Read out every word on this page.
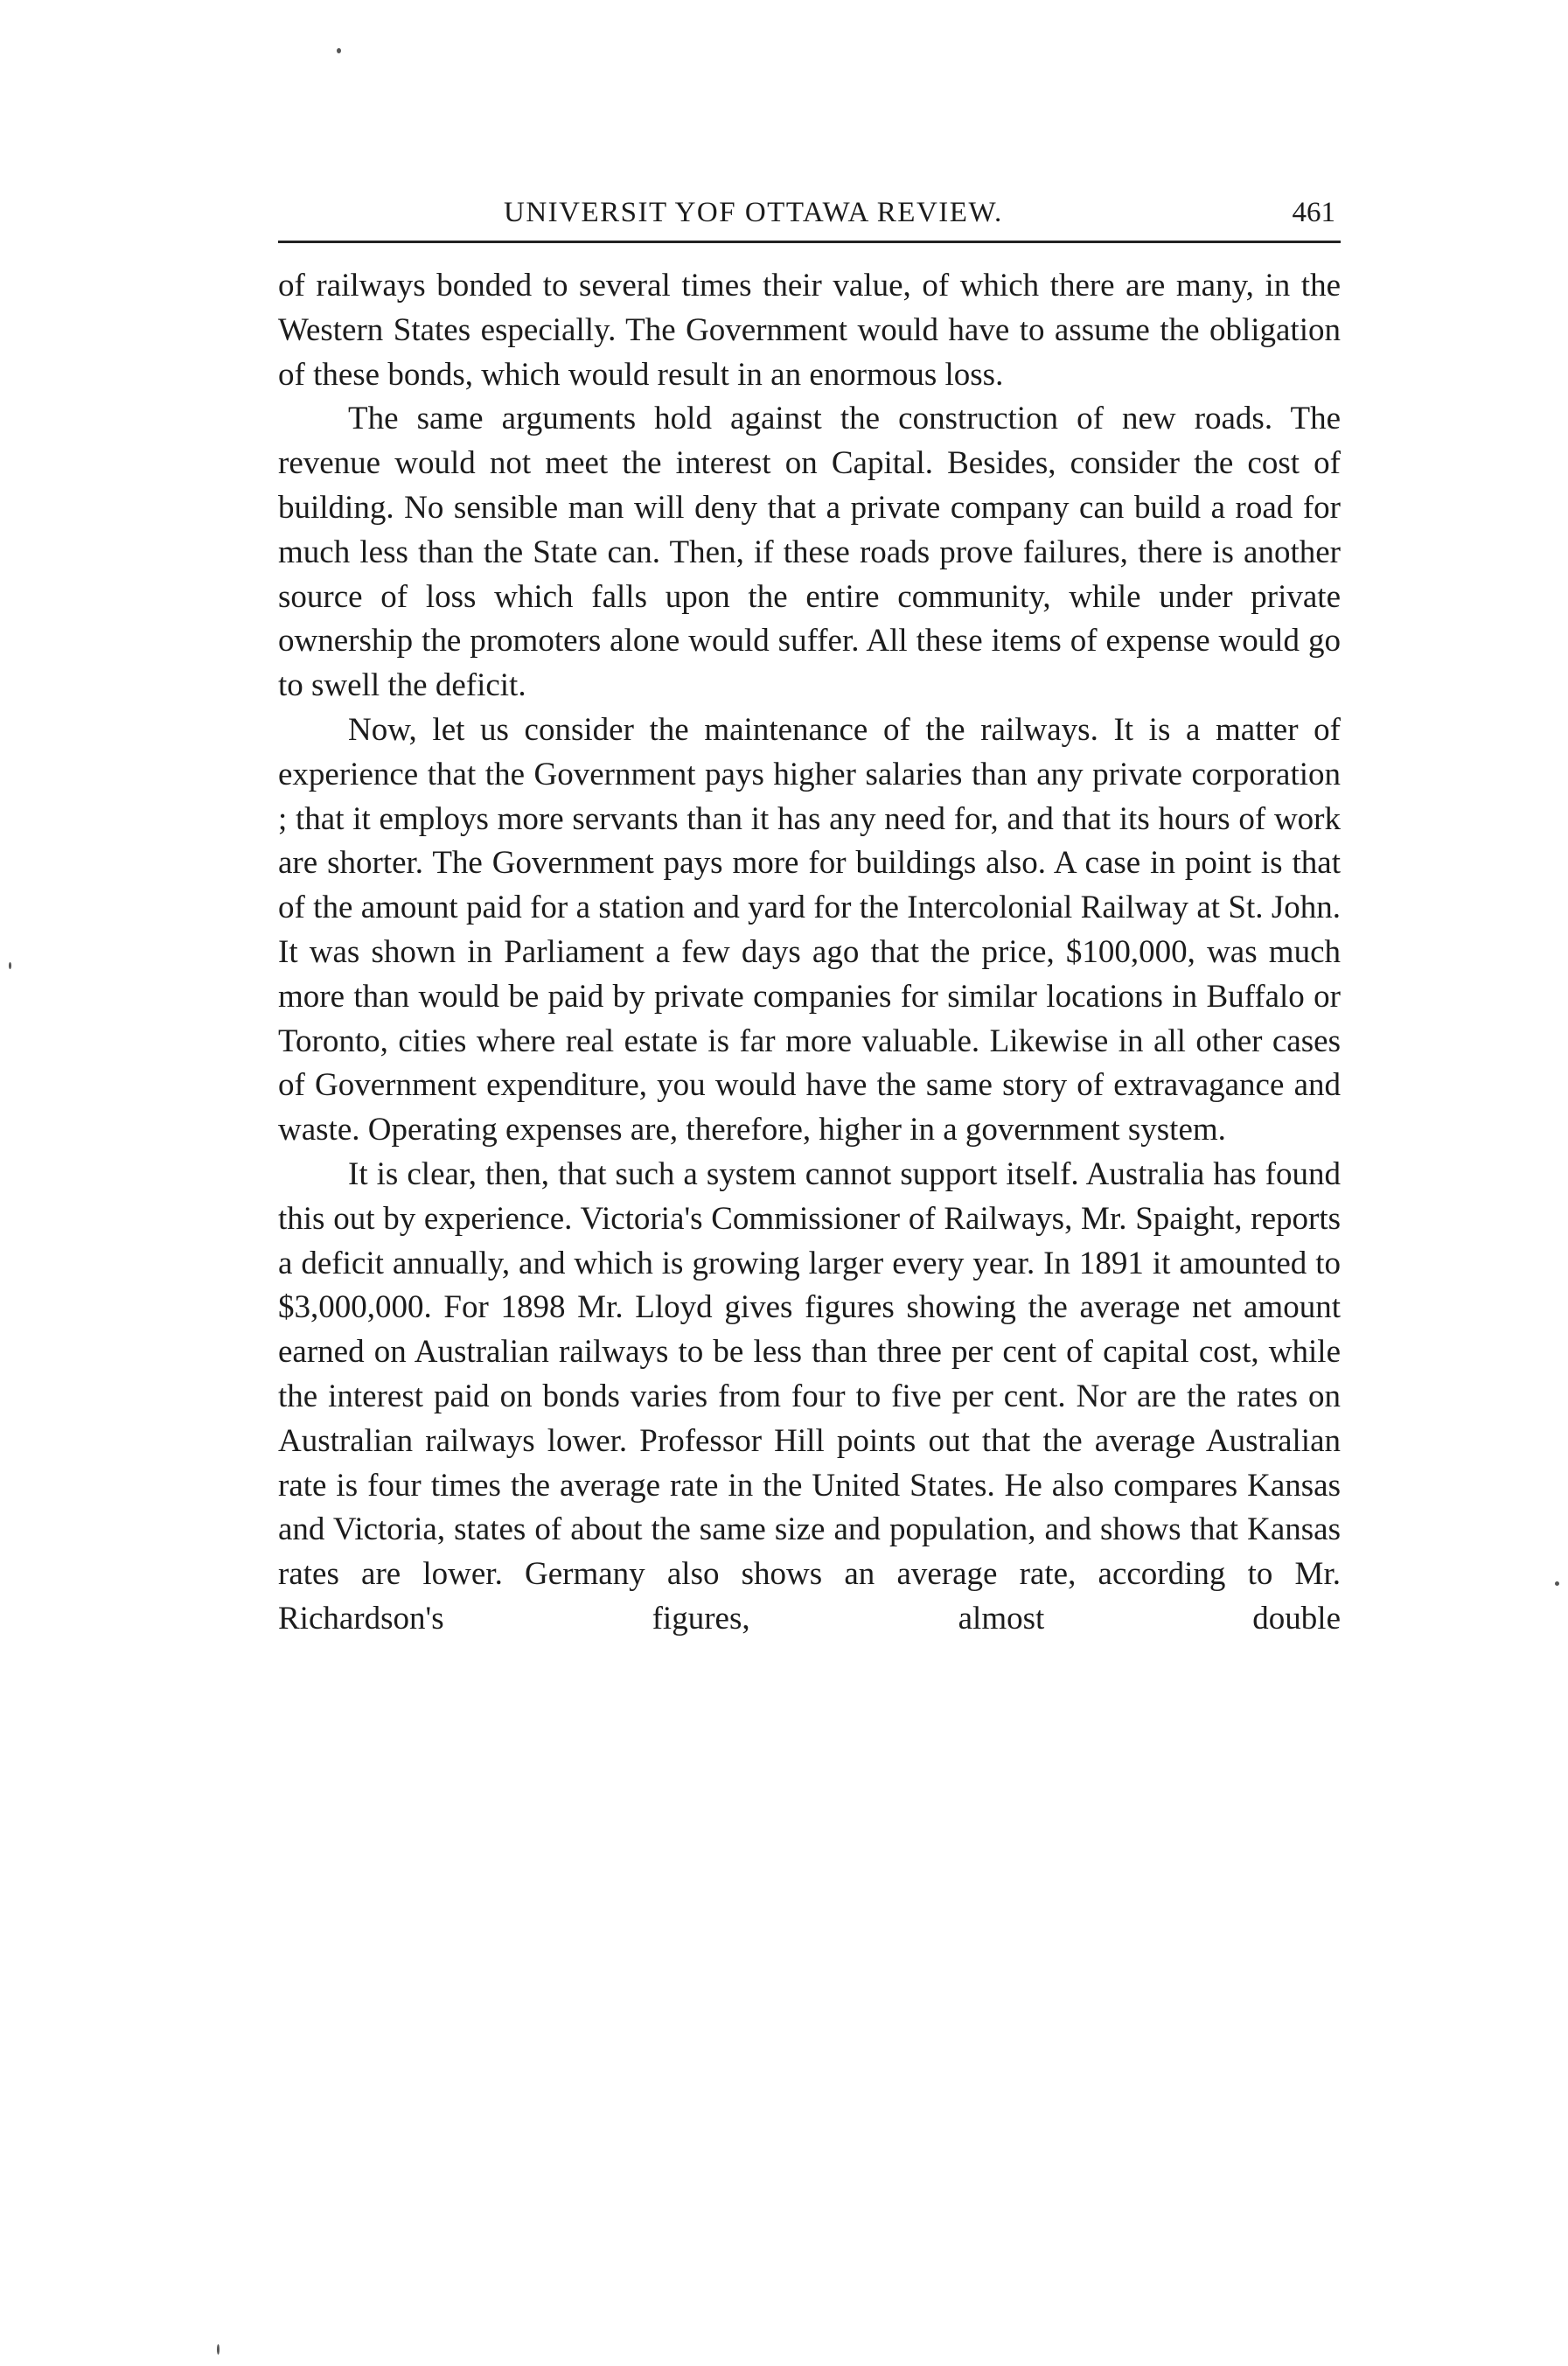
UNIVERSIT YOF OTTAWA REVIEW.	461

of railways bonded to several times their value, of which there are many, in the Western States especially. The Government would have to assume the obligation of these bonds, which would result in an enormous loss.

The same arguments hold against the construction of new roads. The revenue would not meet the interest on Capital. Besides, consider the cost of building. No sensible man will deny that a private company can build a road for much less than the State can. Then, if these roads prove failures, there is another source of loss which falls upon the entire community, while under private ownership the promoters alone would suffer. All these items of expense would go to swell the deficit.

Now, let us consider the maintenance of the railways. It is a matter of experience that the Government pays higher salaries than any private corporation ; that it employs more servants than it has any need for, and that its hours of work are shorter. The Government pays more for buildings also. A case in point is that of the amount paid for a station and yard for the Intercolonial Railway at St. John. It was shown in Parliament a few days ago that the price, $100,000, was much more than would be paid by private companies for similar locations in Buffalo or Toronto, cities where real estate is far more valuable. Likewise in all other cases of Government expenditure, you would have the same story of extravagance and waste. Operating expenses are, therefore, higher in a government system.

It is clear, then, that such a system cannot support itself. Australia has found this out by experience. Victoria's Commissioner of Railways, Mr. Spaight, reports a deficit annually, and which is growing larger every year. In 1891 it amounted to $3,000,000. For 1898 Mr. Lloyd gives figures showing the average net amount earned on Australian railways to be less than three per cent of capital cost, while the interest paid on bonds varies from four to five per cent. Nor are the rates on Australian railways lower. Professor Hill points out that the average Australian rate is four times the average rate in the United States. He also compares Kansas and Victoria, states of about the same size and population, and shows that Kansas rates are lower. Germany also shows an average rate, according to Mr. Richardson's figures, almost double
